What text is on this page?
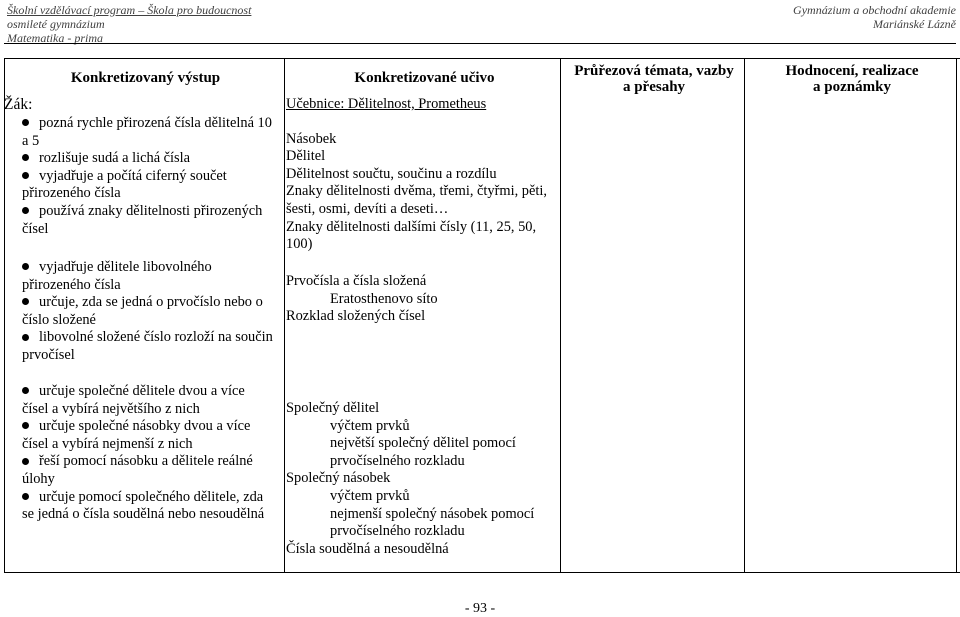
Školní vzdělávací program – Škola pro budoucnost
osmileté gymnázium
Matematika - prima
Gymnázium a obchodní akademie
Mariánské Lázně
Konkretizovaný výstup	Konkretizované učivo	Průřezová témata, vazby
a přesahy
Hodnocení, realizace
a poznámky
Žák:
pozná rychle přirozená čísla dělitelná 10 a 5
rozlišuje sudá a lichá čísla
vyjadřuje a počítá ciferný součet přirozeného čísla
používá znaky dělitelnosti přirozených čísel

Učebnice: Dělitelnost, Prometheus

Násobek

Dělitel

Dělitelnost součtu, součinu a rozdílu

Znaky dělitelnosti dvěma, třemi, čtyřmi, pěti, šesti, osmi, devíti a deseti…

Znaky dělitelnosti dalšími čísly (11, 25, 50, 100)

vyjadřuje dělitele libovolného přirozeného čísla
určuje, zda se jedná o prvočíslo nebo o číslo složené
libovolné složené číslo rozloží na součin prvočísel

Prvočísla a čísla složená

Eratosthenovo síto

Rozklad složených čísel

určuje společné dělitele dvou a více čísel a vybírá největšího z nich
určuje společné násobky dvou a více čísel a vybírá nejmenší z nich
řeší pomocí násobku a dělitele reálné úlohy
určuje pomocí společného dělitele, zda se jedná o čísla soudělná nebo nesoudělná

Společný dělitel

výčtem prvků

největší společný dělitel pomocí prvočíselného rozkladu

Společný násobek

výčtem prvků

nejmenší společný násobek pomocí prvočíselného rozkladu

Čísla soudělná a nesoudělná

- 93 -
